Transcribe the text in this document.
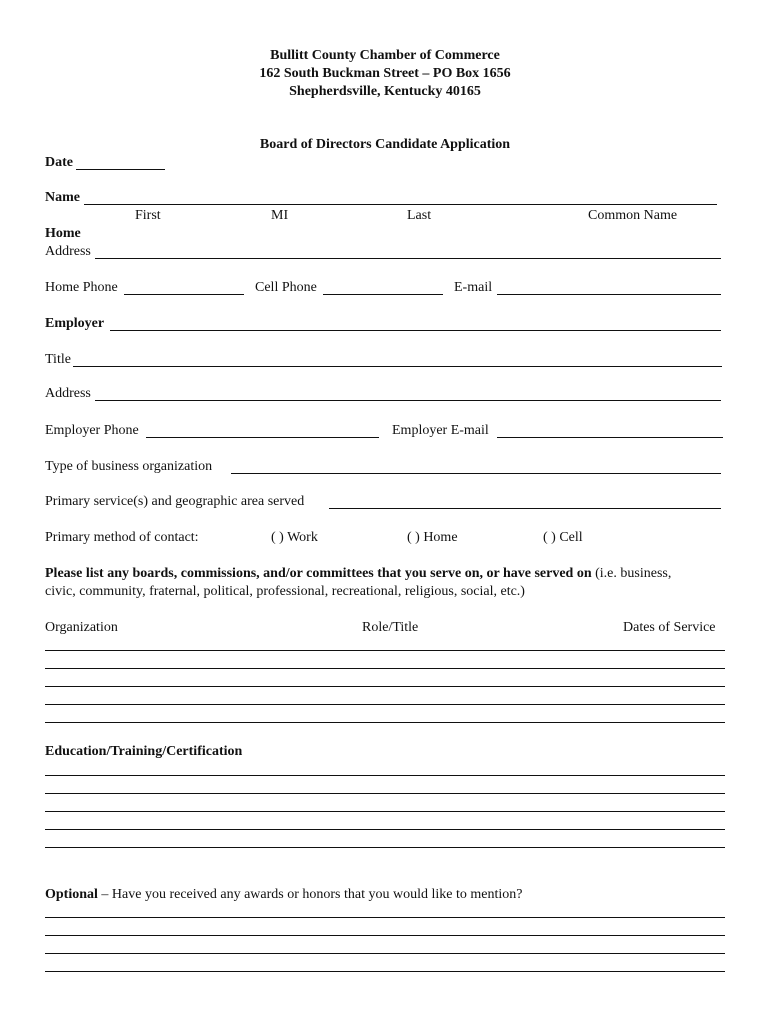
Bullitt County Chamber of Commerce
162 South Buckman Street – PO Box 1656
Shepherdsville, Kentucky 40165
Board of Directors Candidate Application
Date
Name
First	MI	Last	Common Name
Home
Address
Home Phone	Cell Phone	E-mail
Employer
Title
Address
Employer Phone	Employer E-mail
Type of business organization
Primary service(s) and geographic area served
Primary method of contact:	( ) Work	( ) Home	( ) Cell
Please list any boards, commissions, and/or committees that you serve on, or have served on (i.e. business,
civic, community, fraternal, political, professional, recreational, religious, social, etc.)
Organization	Role/Title	Dates of Service
Education/Training/Certification
Optional – Have you received any awards or honors that you would like to mention?
